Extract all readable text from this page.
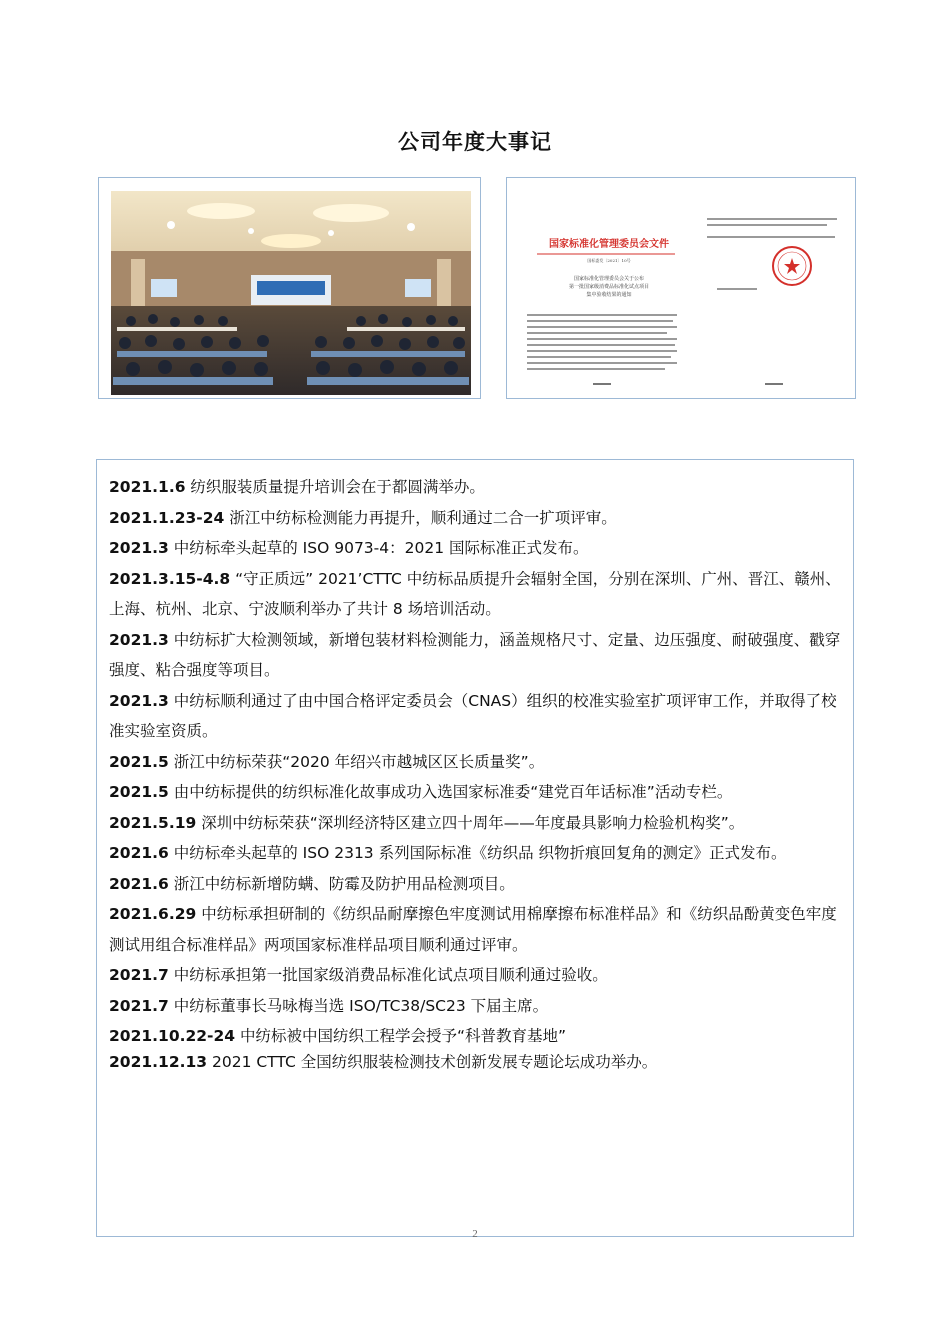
公司年度大事记
国家标准化管理委员会文件
国标委发〔2021〕10号
国家标准化管理委员会关于公布
第一批国家级消费品标准化试点项目
集中验收结果的通知

2021.1.6 纺织服装质量提升培训会在于都圆满举办。

2021.1.23-24 浙江中纺标检测能力再提升，顺利通过二合一扩项评审。

2021.3 中纺标牵头起草的 ISO 9073-4：2021 国际标准正式发布。

2021.3.15-4.8 “守正质远” 2021’CTTC 中纺标品质提升会辐射全国，分别在深圳、广州、晋江、赣州、上海、杭州、北京、宁波顺利举办了共计 8 场培训活动。

2021.3 中纺标扩大检测领域，新增包装材料检测能力，涵盖规格尺寸、定量、边压强度、耐破强度、戳穿强度、粘合强度等项目。

2021.3 中纺标顺利通过了由中国合格评定委员会（CNAS）组织的校准实验室扩项评审工作，并取得了校准实验室资质。

2021.5 浙江中纺标荣获“2020 年绍兴市越城区区长质量奖”。

2021.5 由中纺标提供的纺织标准化故事成功入选国家标准委“建党百年话标准”活动专栏。

2021.5.19 深圳中纺标荣获“深圳经济特区建立四十周年——年度最具影响力检验机构奖”。

2021.6 中纺标牵头起草的 ISO 2313 系列国际标准《纺织品 织物折痕回复角的测定》正式发布。

2021.6 浙江中纺标新增防螨、防霉及防护用品检测项目。

2021.6.29 中纺标承担研制的《纺织品耐摩擦色牢度测试用棉摩擦布标准样品》和《纺织品酚黄变色牢度测试用组合标准样品》两项国家标准样品项目顺利通过评审。

2021.7 中纺标承担第一批国家级消费品标准化试点项目顺利通过验收。

2021.7 中纺标董事长马咏梅当选 ISO/TC38/SC23 下届主席。

2021.10.22-24 中纺标被中国纺织工程学会授予“科普教育基地”

2021.12.13 2021 CTTC 全国纺织服装检测技术创新发展专题论坛成功举办。

2
